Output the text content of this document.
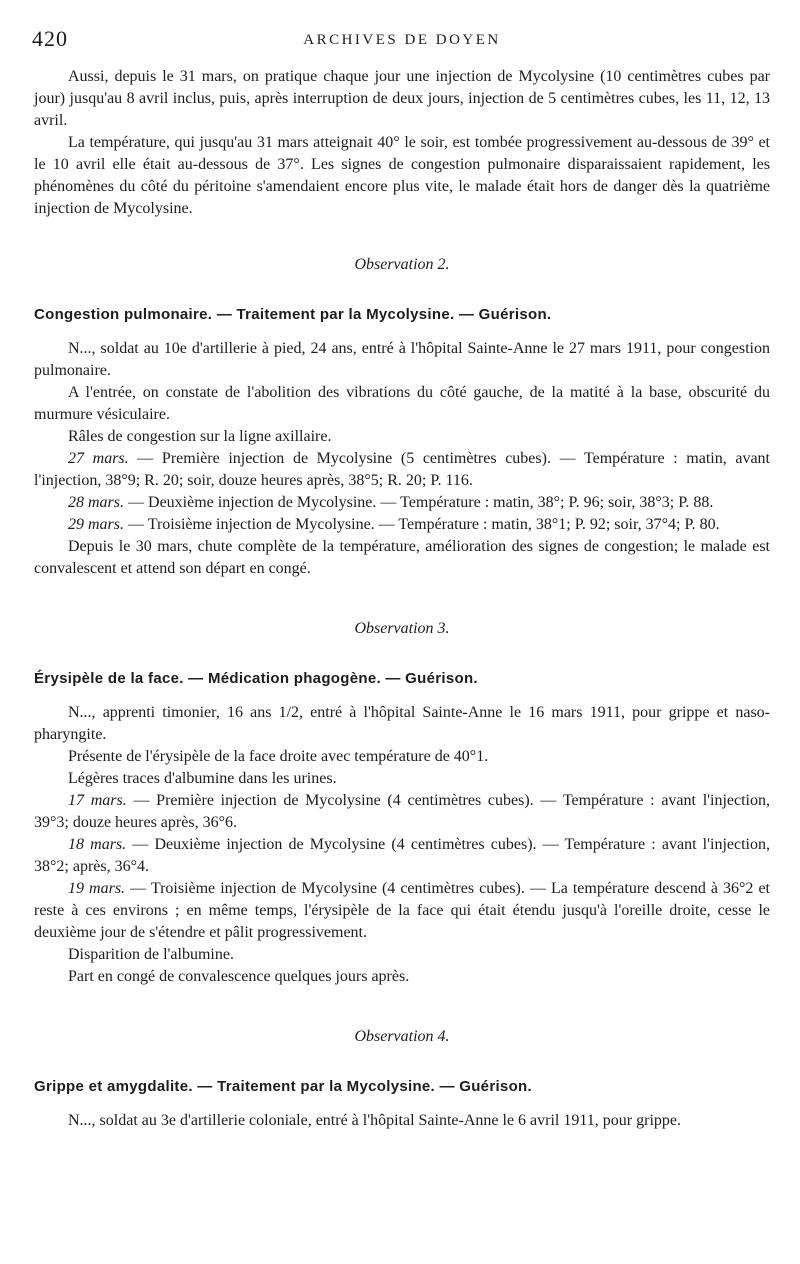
420	ARCHIVES DE DOYEN

Aussi, depuis le 31 mars, on pratique chaque jour une injection de Mycolysine (10 centimètres cubes par jour) jusqu'au 8 avril inclus, puis, après interruption de deux jours, injection de 5 centimètres cubes, les 11, 12, 13 avril.

La température, qui jusqu'au 31 mars atteignait 40° le soir, est tombée progressivement au-dessous de 39° et le 10 avril elle était au-dessous de 37°. Les signes de congestion pulmonaire disparaissaient rapidement, les phénomènes du côté du péritoine s'amendaient encore plus vite, le malade était hors de danger dès la quatrième injection de Mycolysine.

Observation 2.

Congestion pulmonaire. — Traitement par la Mycolysine. — Guérison.

N..., soldat au 10e d'artillerie à pied, 24 ans, entré à l'hôpital Sainte-Anne le 27 mars 1911, pour congestion pulmonaire.

A l'entrée, on constate de l'abolition des vibrations du côté gauche, de la matité à la base, obscurité du murmure vésiculaire.

Râles de congestion sur la ligne axillaire.

27 mars. — Première injection de Mycolysine (5 centimètres cubes). — Température : matin, avant l'injection, 38°9; R. 20; soir, douze heures après, 38°5; R. 20; P. 116.

28 mars. — Deuxième injection de Mycolysine. — Température : matin, 38°; P. 96; soir, 38°3; P. 88.

29 mars. — Troisième injection de Mycolysine. — Température : matin, 38°1; P. 92; soir, 37°4; P. 80.

Depuis le 30 mars, chute complète de la température, amélioration des signes de congestion; le malade est convalescent et attend son départ en congé.

Observation 3.

Érysipèle de la face. — Médication phagogène. — Guérison.

N..., apprenti timonier, 16 ans 1/2, entré à l'hôpital Sainte-Anne le 16 mars 1911, pour grippe et naso-pharyngite.

Présente de l'érysipèle de la face droite avec température de 40°1.

Légères traces d'albumine dans les urines.

17 mars. — Première injection de Mycolysine (4 centimètres cubes). — Température : avant l'injection, 39°3; douze heures après, 36°6.

18 mars. — Deuxième injection de Mycolysine (4 centimètres cubes). — Température : avant l'injection, 38°2; après, 36°4.

19 mars. — Troisième injection de Mycolysine (4 centimètres cubes). — La température descend à 36°2 et reste à ces environs ; en même temps, l'érysipèle de la face qui était étendu jusqu'à l'oreille droite, cesse le deuxième jour de s'étendre et pâlit progressivement.

Disparition de l'albumine.

Part en congé de convalescence quelques jours après.

Observation 4.

Grippe et amygdalite. — Traitement par la Mycolysine. — Guérison.

N..., soldat au 3e d'artillerie coloniale, entré à l'hôpital Sainte-Anne le 6 avril 1911, pour grippe.
